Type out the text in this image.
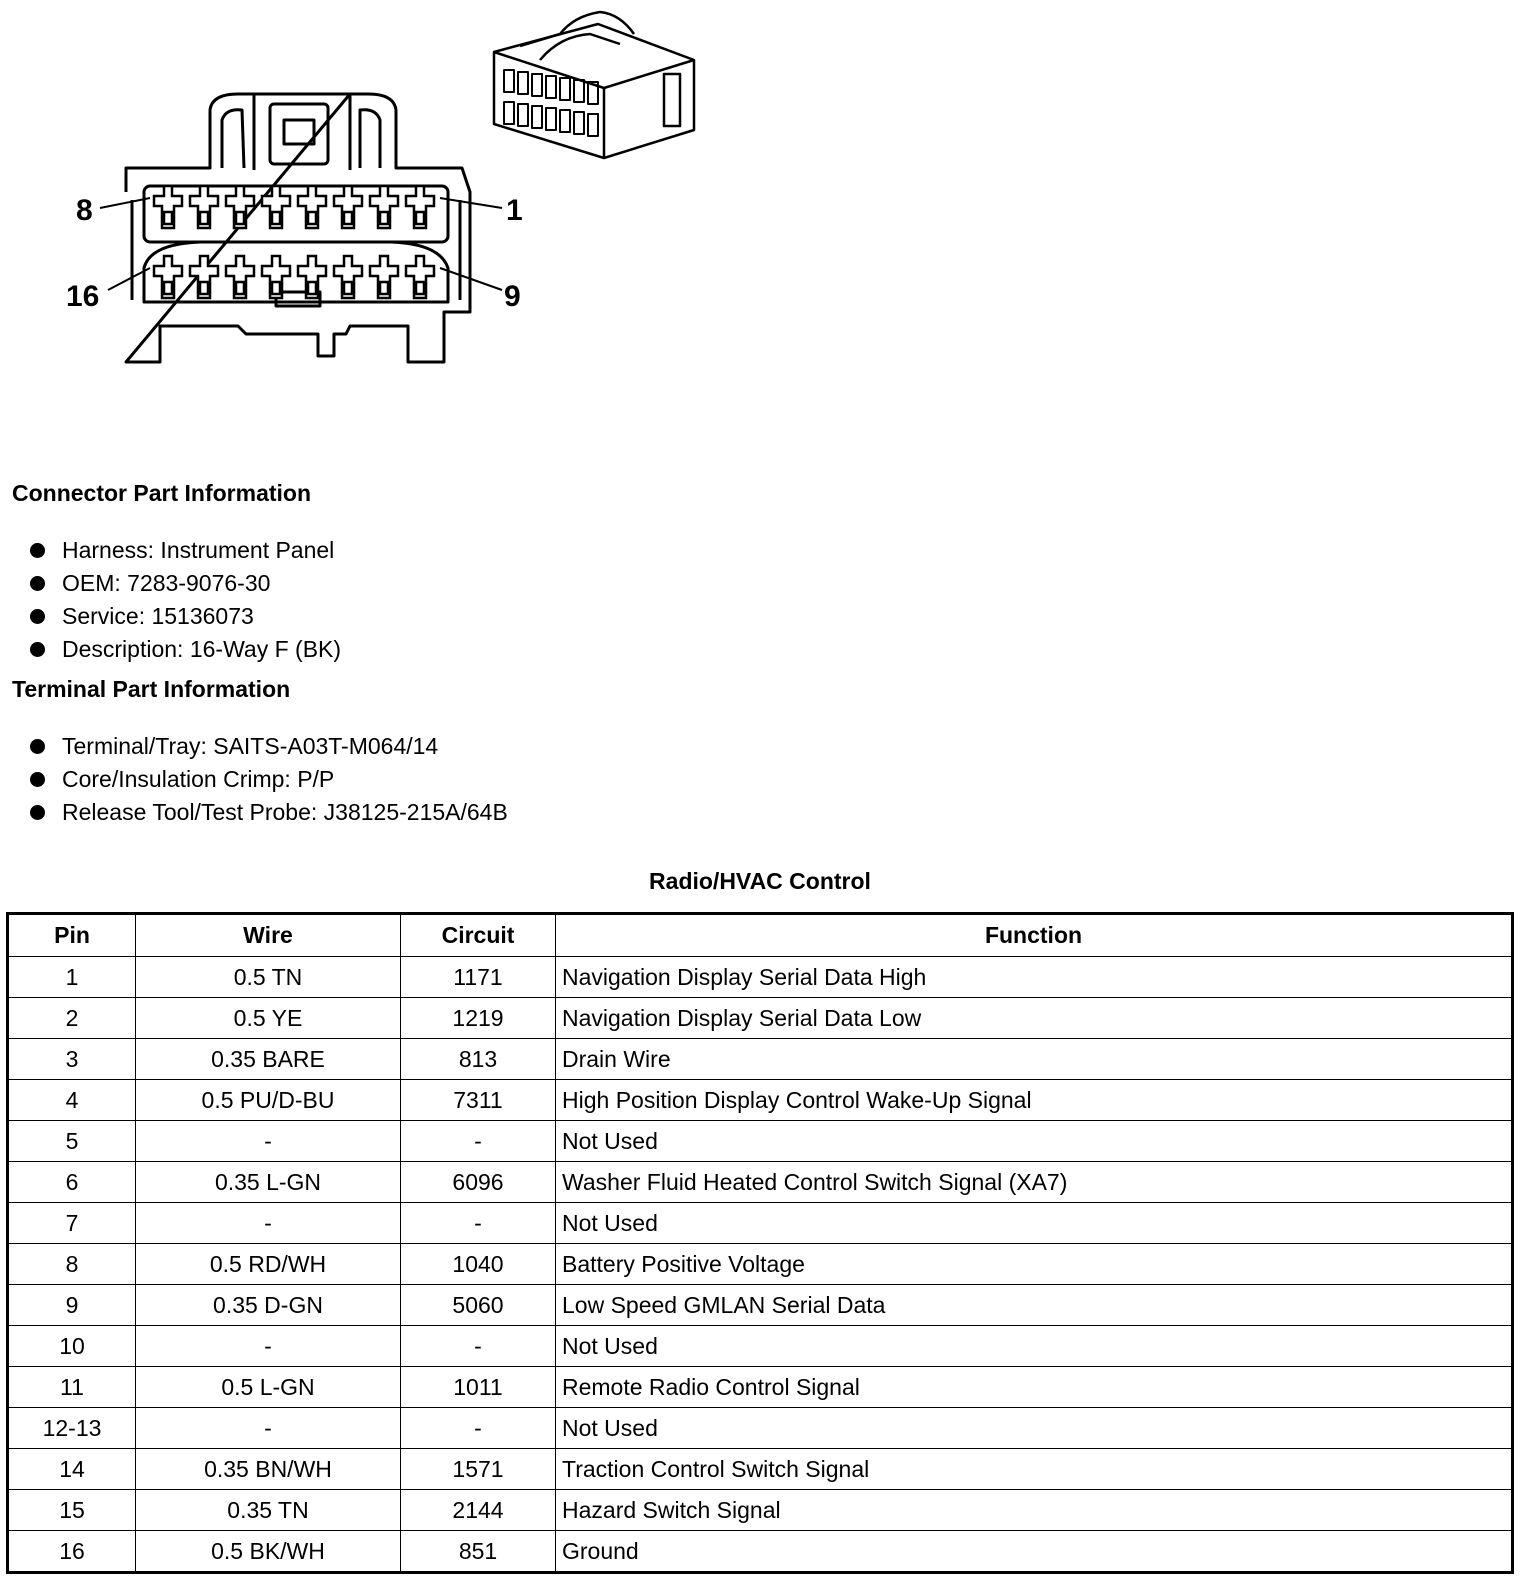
8	1
16	9
Connector Part Information
Harness: Instrument Panel
OEM: 7283-9076-30
Service: 15136073
Description: 16-Way F (BK)
Terminal Part Information
Terminal/Tray: SAITS-A03T-M064/14
Core/Insulation Crimp: P/P
Release Tool/Test Probe: J38125-215A/64B
Radio/HVAC Control
Pin	Wire	Circuit	Function
1	0.5 TN	1171	Navigation Display Serial Data High
2	0.5 YE	1219	Navigation Display Serial Data Low
3	0.35 BARE	813	Drain Wire
4	0.5 PU/D-BU	7311	High Position Display Control Wake-Up Signal
5	-	-	Not Used
6	0.35 L-GN	6096	Washer Fluid Heated Control Switch Signal (XA7)
7	-	-	Not Used
8	0.5 RD/WH	1040	Battery Positive Voltage
9	0.35 D-GN	5060	Low Speed GMLAN Serial Data
10	-	-	Not Used
11	0.5 L-GN	1011	Remote Radio Control Signal
12-13	-	-	Not Used
14	0.35 BN/WH	1571	Traction Control Switch Signal
15	0.35 TN	2144	Hazard Switch Signal
16	0.5 BK/WH	851	Ground
